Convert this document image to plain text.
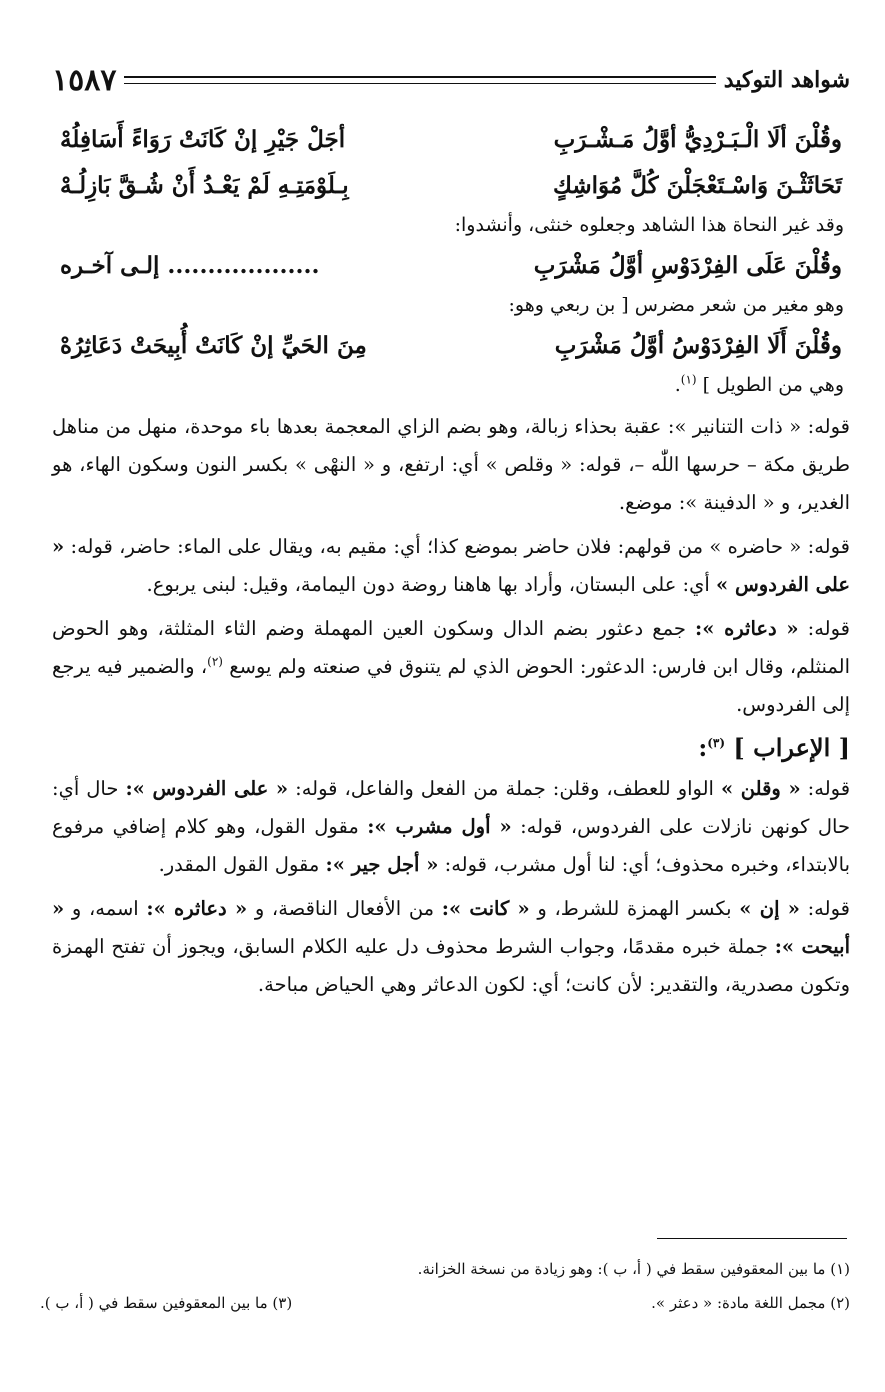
شواهد التوكيد
١٥٨٧
وقُلْنَ ألَا الْـبَـرْدِيُّ أوَّلُ مَـشْـرَبِ
أجَلْ جَيْرِ إنْ كَانَتْ رَوَاءً أَسَافِلُهْ
تَحَاثَثْـنَ وَاسْـتَعْجَلْنَ كُلَّ مُوَاشِكٍ
بِـلَوْمَتِـهِ لَمْ يَعْـدُ أَنْ شُـقَّ بَازِلُـهْ

وقد غير النحاة هذا الشاهد وجعلوه خنثى، وأنشدوا:

وقُلْنَ عَلَى الفِرْدَوْسِ أوَّلُ مَشْرَبِ
................... إلـى آخـره

وهو مغير من شعر مضرس [ بن ربعي وهو:

وقُلْنَ أَلَا الفِرْدَوْسُ أوَّلُ مَشْرَبِ
مِنَ الحَيِّ إنْ كَانَتْ أُبِيحَتْ دَعَاثِرُهْ

وهي من الطويل ] $^{(١)}$.

قوله: « ذات التنانير »: عقبة بحذاء زبالة، وهو بضم الزاي المعجمة بعدها باء موحدة، منهل من مناهل طريق مكة – حرسها اللّٰه –، قوله: « وقلص » أي: ارتفع، و « النهْى » بكسر النون وسكون الهاء، هو الغدير، و « الدفينة »: موضع.

قوله: « حاضره » من قولهم: فلان حاضر بموضع كذا؛ أي: مقيم به، ويقال على الماء: حاضر، قوله: « على الفردوس » أي: على البستان، وأراد بها هاهنا روضة دون اليمامة، وقيل: لبنى يربوع.

قوله: « دعاثره »: جمع دعثور بضم الدال وسكون العين المهملة وضم الثاء المثلثة، وهو الحوض المنثلم، وقال ابن فارس: الدعثور: الحوض الذي لم يتنوق في صنعته ولم يوسع $^{(٢)}$، والضمير فيه يرجع إلى الفردوس.

[ الإعراب ] $^{(٣)}$:

قوله: « وقلن » الواو للعطف، وقلن: جملة من الفعل والفاعل، قوله: « على الفردوس »: حال أي: حال كونهن نازلات على الفردوس، قوله: « أول مشرب »: مقول القول، وهو كلام إضافي مرفوع بالابتداء، وخبره محذوف؛ أي: لنا أول مشرب، قوله: « أجل جير »: مقول القول المقدر.

قوله: « إن » بكسر الهمزة للشرط، و « كانت »: من الأفعال الناقصة، و « دعاثره »: اسمه، و « أبيحت »: جملة خبره مقدمًا، وجواب الشرط محذوف دل عليه الكلام السابق، ويجوز أن تفتح الهمزة وتكون مصدرية، والتقدير: لأن كانت؛ أي: لكون الدعاثر وهي الحياض مباحة.

(١) ما بين المعقوفين سقط في ( أ، ب ): وهو زيادة من نسخة الخزانة.
(٢) مجمل اللغة مادة: « دعثر ».
(٣) ما بين المعقوفين سقط في ( أ، ب ).
